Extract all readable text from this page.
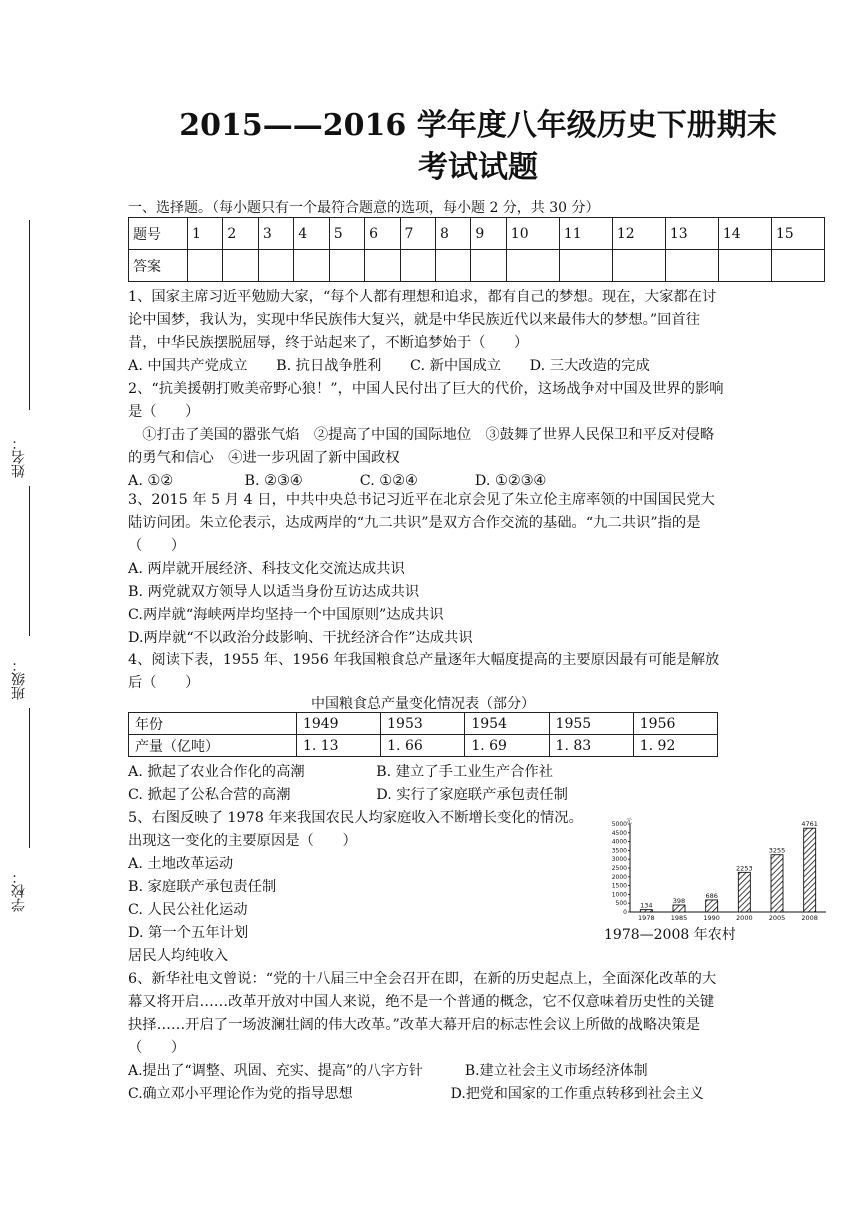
姓名：
班级：
学校：
2015——2016 学年度八年级历史下册期末
考试试题
一、选择题。（每小题只有一个最符合题意的选项，每小题 2 分，共 30 分）
题号	1	2	3	4	5	6	7	8	9	10	11	12	13	14	15
答案															
1、国家主席习近平勉励大家，“每个人都有理想和追求，都有自己的梦想。现在，大家都在讨论中国梦，我认为，实现中华民族伟大复兴，就是中华民族近代以来最伟大的梦想。”回首往昔，中华民族摆脱屈辱，终于站起来了，不断追梦始于（　　）
A. 中国共产党成立　　B. 抗日战争胜利　　C. 新中国成立　　D. 三大改造的完成
2、“抗美援朝打败美帝野心狼！”，中国人民付出了巨大的代价，这场战争对中国及世界的影响是（　　）
　①打击了美国的嚣张气焰　②提高了中国的国际地位　③鼓舞了世界人民保卫和平反对侵略的勇气和信心　④进一步巩固了新中国政权
A. ①②　　　　　B. ②③④　　　　C. ①②④　　　　D. ①②③④
3、2015 年 5 月 4 日，中共中央总书记习近平在北京会见了朱立伦主席率领的中国国民党大陆访问团。朱立伦表示，达成两岸的“九二共识”是双方合作交流的基础。“九二共识”指的是（　　）
A. 两岸就开展经济、科技文化交流达成共识
B. 两党就双方领导人以适当身份互访达成共识
C.两岸就“海峡两岸均坚持一个中国原则”达成共识
D.两岸就“不以政治分歧影响、干扰经济合作”达成共识
4、阅读下表，1955 年、1956 年我国粮食总产量逐年大幅度提高的主要原因最有可能是解放后（　　）
中国粮食总产量变化情况表（部分）
年份	1949	1953	1954	1955	1956
产量（亿吨）	1. 13	1. 66	1. 69	1. 83	1. 92
A. 掀起了农业合作化的高潮　　　　　B. 建立了手工业生产合作社
C. 掀起了公私合营的高潮　　　　　　D. 实行了家庭联产承包责任制
5、右图反映了 1978 年来我国农民人均家庭收入不断增长变化的情况。
出现这一变化的主要原因是（　　）
A. 土地改革运动
B. 家庭联产承包责任制
C. 人民公社化运动
D. 第一个五年计划
居民人均纯收入
6、新华社电文曾说：“党的十八届三中全会召开在即，在新的历史起点上，全面深化改革的大幕又将开启……改革开放对中国人来说，绝不是一个普通的概念，它不仅意味着历史性的关键抉择……开启了一场波澜壮阔的伟大改革。”改革大幕开启的标志性会议上所做的战略决策是（　　）
A.提出了“调整、巩固、充实、提高”的八字方针　　　B.建立社会主义市场经济体制
C.确立邓小平理论作为党的指导思想　　　　　　　D.把党和国家的工作重点转移到社会主义
元
0
500
1000
1500
2000
2500
3000
3500
4000
4500
5000
134
1978
398
1985
686
1990
2253
2000
3255
2005
4761
2008
1978—2008 年农村
